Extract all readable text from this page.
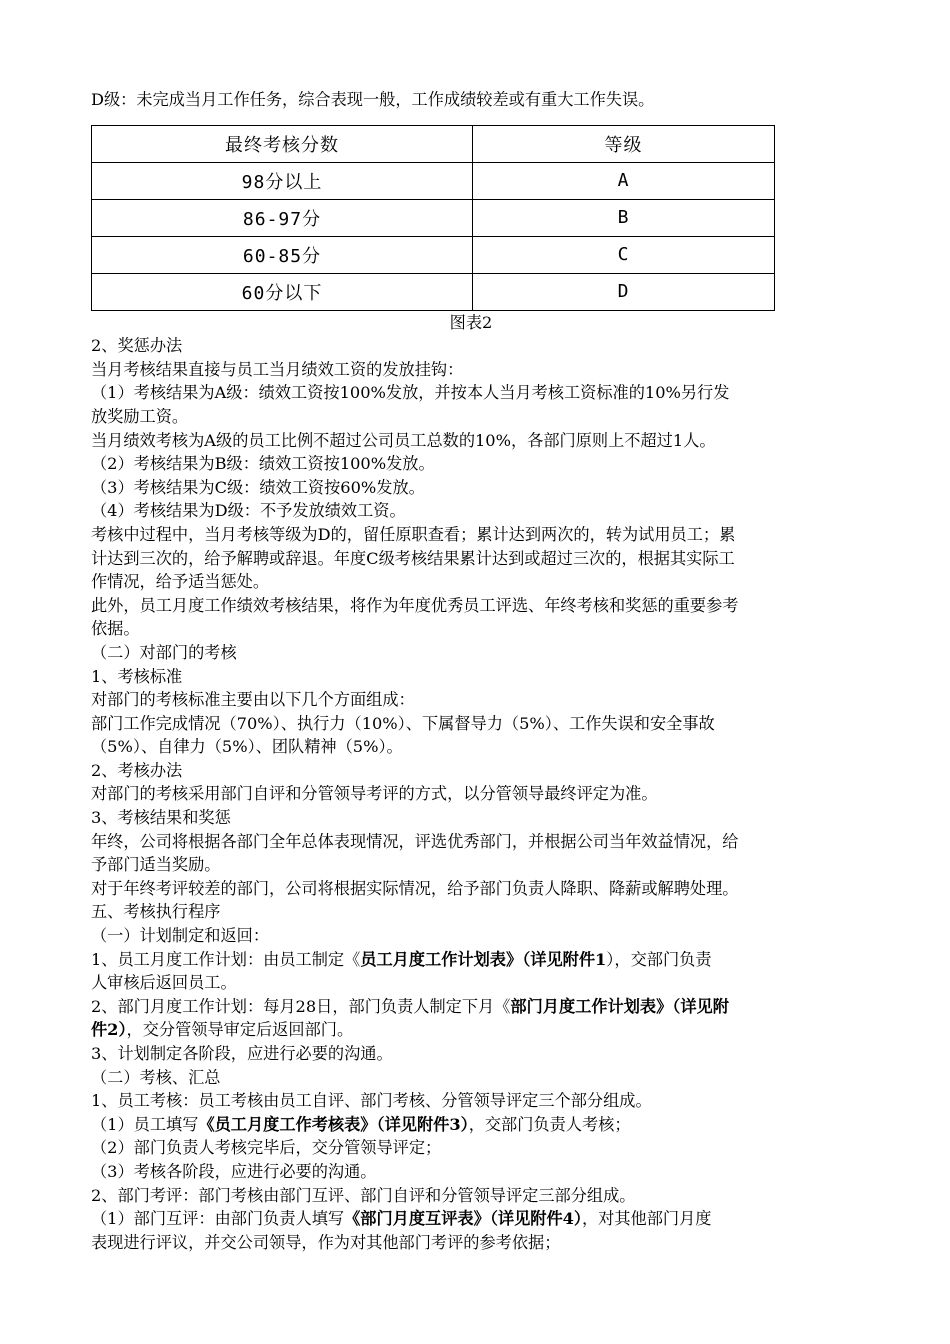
D级：未完成当月工作任务，综合表现一般，工作成绩较差或有重大工作失误。
最终考核分数	等级
98分以上	A
86-97分	B
60-85分	C
60分以下	D
图表2
2、奖惩办法
当月考核结果直接与员工当月绩效工资的发放挂钩：
（1）考核结果为A级：绩效工资按100%发放，并按本人当月考核工资标准的10%另行发
放奖励工资。
当月绩效考核为A级的员工比例不超过公司员工总数的10%，各部门原则上不超过1人。
（2）考核结果为B级：绩效工资按100%发放。
（3）考核结果为C级：绩效工资按60%发放。
（4）考核结果为D级：不予发放绩效工资。
考核中过程中，当月考核等级为D的，留任原职查看；累计达到两次的，转为试用员工；累
计达到三次的，给予解聘或辞退。年度C级考核结果累计达到或超过三次的，根据其实际工
作情况，给予适当惩处。
此外，员工月度工作绩效考核结果，将作为年度优秀员工评选、年终考核和奖惩的重要参考
依据。
（二）对部门的考核
1、考核标准
对部门的考核标准主要由以下几个方面组成：
部门工作完成情况（70%）、执行力（10%）、下属督导力（5%）、工作失误和安全事故
（5%）、自律力（5%）、团队精神（5%）。
2、考核办法
对部门的考核采用部门自评和分管领导考评的方式，以分管领导最终评定为准。
3、考核结果和奖惩
年终，公司将根据各部门全年总体表现情况，评选优秀部门，并根据公司当年效益情况，给
予部门适当奖励。
对于年终考评较差的部门，公司将根据实际情况，给予部门负责人降职、降薪或解聘处理。
五、考核执行程序
（一）计划制定和返回：
1、员工月度工作计划：由员工制定《员工月度工作计划表》（详见附件1），交部门负责
人审核后返回员工。
2、部门月度工作计划：每月28日，部门负责人制定下月《部门月度工作计划表》（详见附
件2），交分管领导审定后返回部门。
3、计划制定各阶段，应进行必要的沟通。
（二）考核、汇总
1、员工考核：员工考核由员工自评、部门考核、分管领导评定三个部分组成。
（1）员工填写《员工月度工作考核表》（详见附件3），交部门负责人考核；
（2）部门负责人考核完毕后，交分管领导评定；
（3）考核各阶段，应进行必要的沟通。
2、部门考评：部门考核由部门互评、部门自评和分管领导评定三部分组成。
（1）部门互评：由部门负责人填写《部门月度互评表》（详见附件4），对其他部门月度
表现进行评议，并交公司领导，作为对其他部门考评的参考依据；
